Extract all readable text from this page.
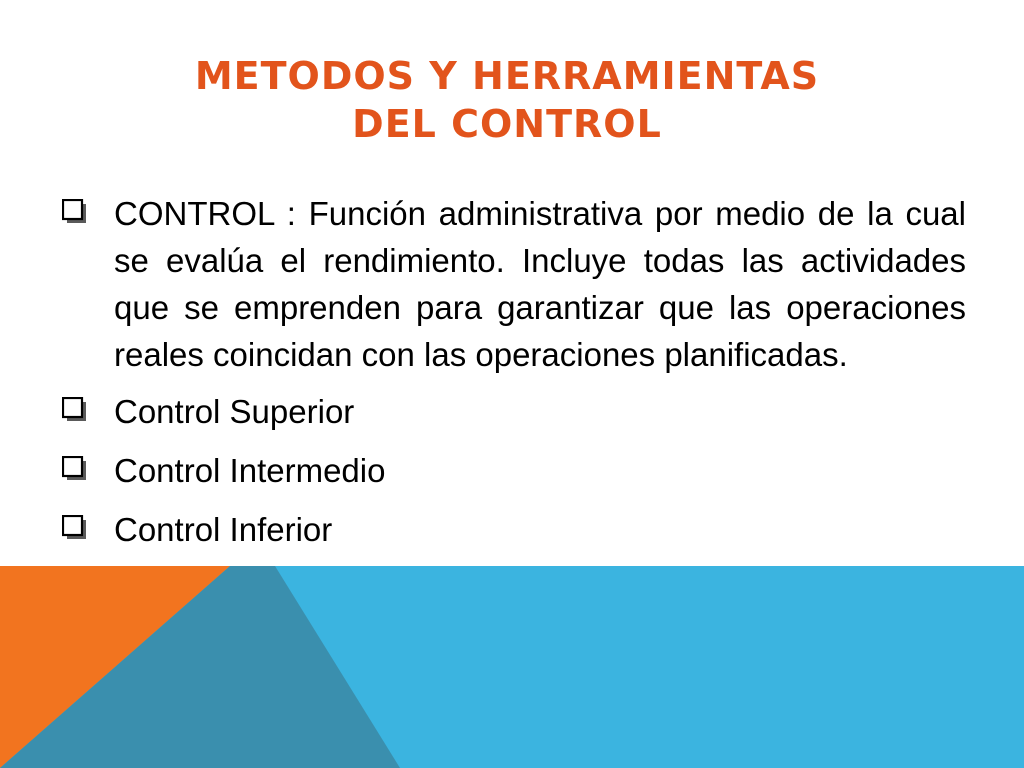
METODOS Y HERRAMIENTAS
DEL CONTROL
CONTROL : Función administrativa por medio de la cual se evalúa el rendimiento. Incluye todas las actividades que se emprenden para garantizar que las operaciones reales coincidan con las operaciones planificadas.
Control Superior
Control Intermedio
Control Inferior
